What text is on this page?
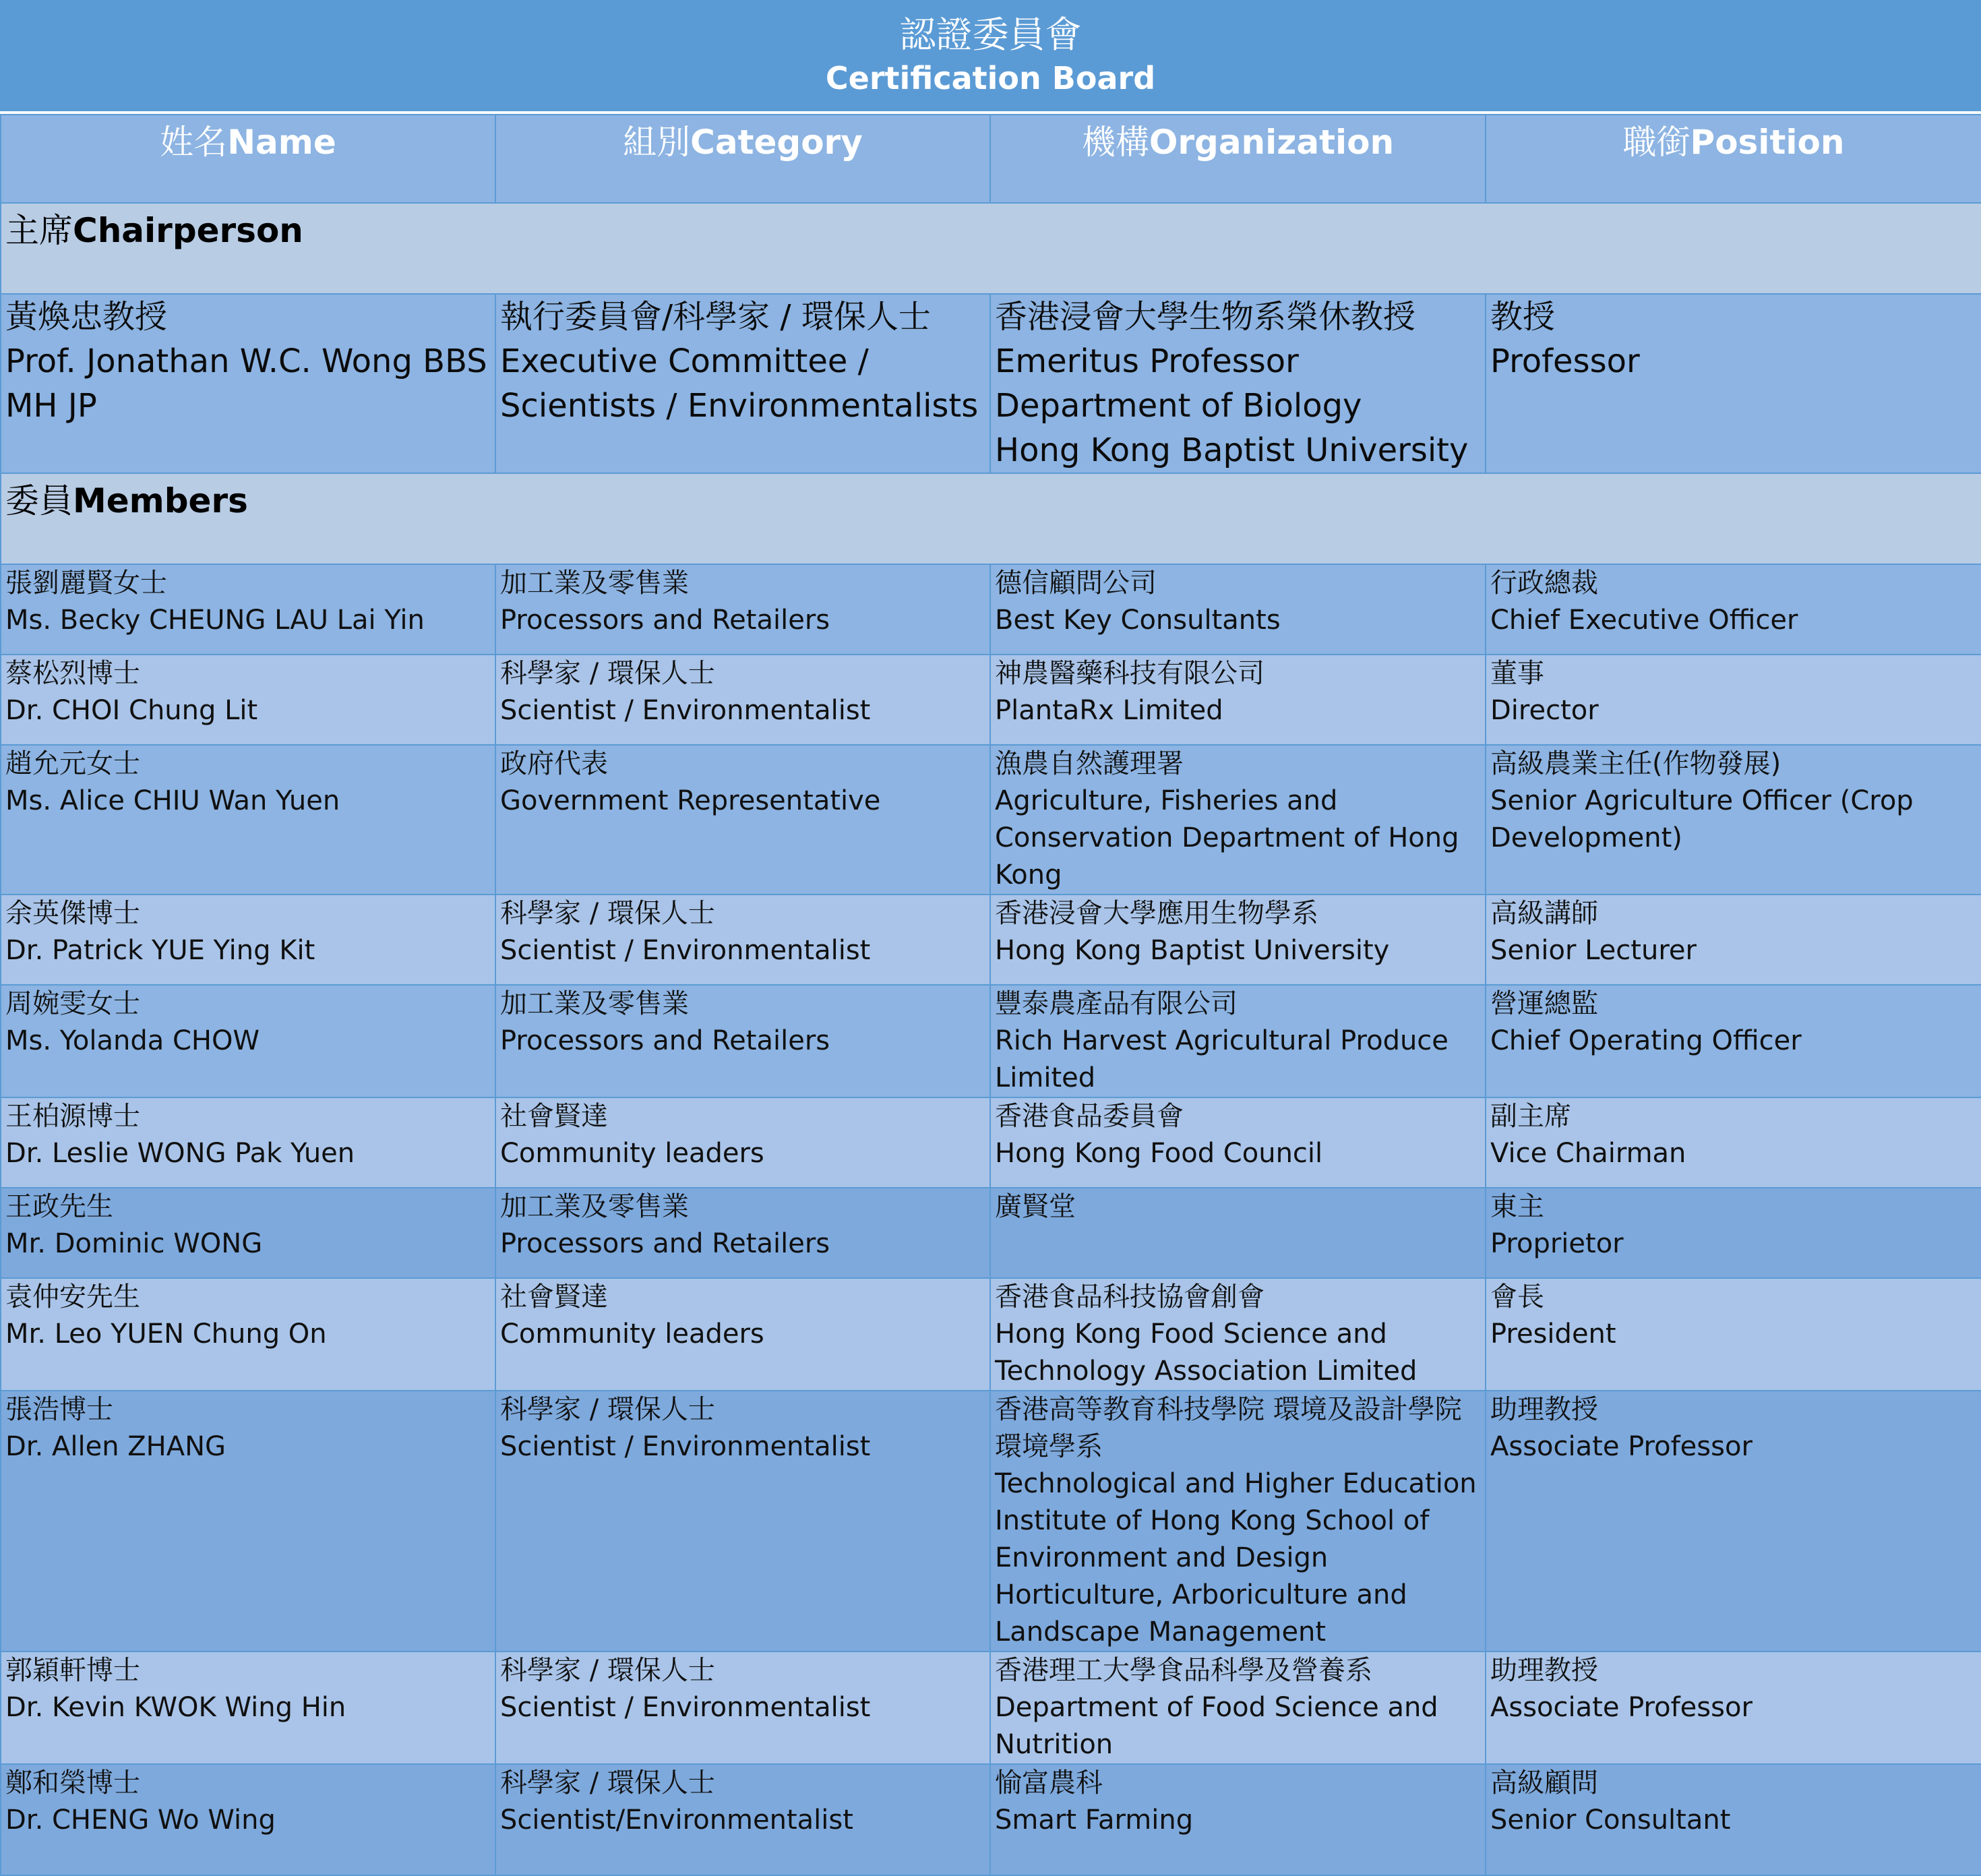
認證委員會
Certification Board
姓名Name	組別Category	機構Organization	職銜Position
主席Chairperson			

黃煥忠教授
Prof. Jonathan W.C. Wong BBS MH JP	執行委員會/科學家 / 環保人士
Executive Committee / Scientists / Environmentalists	香港浸會大學生物系榮休教授
Emeritus Professor
Department of Biology
Hong Kong Baptist University	教授
Professor

委員Members			

張劉麗賢女士
Ms. Becky CHEUNG LAU Lai Yin	加工業及零售業
Processors and Retailers	德信顧問公司
Best Key Consultants	行政總裁
Chief Executive Officer

蔡松烈博士
Dr. CHOI Chung Lit	科學家 / 環保人士
Scientist / Environmentalist	神農醫藥科技有限公司
PlantaRx Limited	董事
Director

趙允元女士
Ms. Alice CHIU Wan Yuen	政府代表
Government Representative	漁農自然護理署
Agriculture, Fisheries and Conservation Department of Hong Kong	高級農業主任(作物發展)
Senior Agriculture Officer (Crop Development)

余英傑博士
Dr. Patrick YUE Ying Kit	科學家 / 環保人士
Scientist / Environmentalist	香港浸會大學應用生物學系
Hong Kong Baptist University	高級講師
Senior Lecturer

周婉雯女士
Ms. Yolanda CHOW	加工業及零售業
Processors and Retailers	豐泰農產品有限公司
Rich Harvest Agricultural Produce Limited	營運總監
Chief Operating Officer

王柏源博士
Dr. Leslie WONG Pak Yuen	社會賢達
Community leaders	香港食品委員會
Hong Kong Food Council	副主席
Vice Chairman

王政先生
Mr. Dominic WONG	加工業及零售業
Processors and Retailers	廣賢堂	東主
Proprietor

袁仲安先生
Mr. Leo YUEN Chung On	社會賢達
Community leaders	香港食品科技協會創會
Hong Kong Food Science and Technology Association Limited	會長
President

張浩博士
Dr. Allen ZHANG	科學家 / 環保人士
Scientist / Environmentalist	香港高等教育科技學院 環境及設計學院 環境學系
Technological and Higher Education Institute of Hong Kong School of Environment and Design Horticulture, Arboriculture and Landscape Management	助理教授
Associate Professor

郭穎軒博士
Dr. Kevin KWOK Wing Hin	科學家 / 環保人士
Scientist / Environmentalist	香港理工大學食品科學及營養系
Department of Food Science and Nutrition	助理教授
Associate Professor

鄭和榮博士
Dr. CHENG Wo Wing	科學家 / 環保人士
Scientist/Environmentalist	愉富農科
Smart Farming	高級顧問
Senior Consultant
